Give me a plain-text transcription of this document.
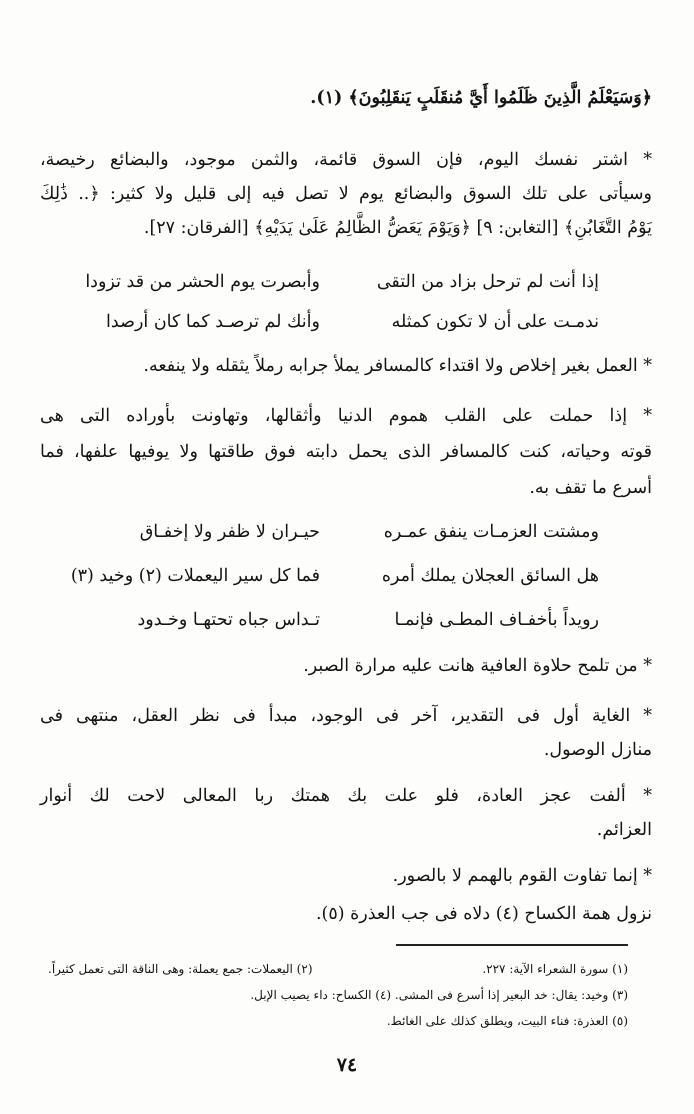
﴿وَسَيَعْلَمُ الَّذِينَ ظَلَمُوا أَيَّ مُنقَلَبٍ يَنقَلِبُونَ﴾ (١).
* اشتر نفسك اليوم، فإن السوق قائمة، والثمن موجود، والبضائع رخيصة،
وسيأتى على تلك السوق والبضائع يوم لا تصل فيه إلى قليل ولا كثير: ﴿.. ذَٰلِكَ
يَوْمُ التَّغَابُنِ﴾ [التغابن: ٩] ﴿وَيَوْمَ يَعَضُّ الظَّالِمُ عَلَىٰ يَدَيْهِ﴾ [الفرقان: ٢٧].
إذا أنت لم ترحل بزاد من التقى
وأبصرت يوم الحشر من قد تزودا
ندمـت على أن لا تكون كمثله
وأنك لم ترصـد كما كان أرصدا
* العمل بغير إخلاص ولا اقتداء كالمسافر يملأ جرابه رملاً يثقله ولا ينفعه.
* إذا حملت على القلب هموم الدنيا وأثقالها، وتهاونت بأوراده التى هى
قوته وحياته، كنت كالمسافر الذى يحمل دابته فوق طاقتها ولا يوفيها علفها، فما
أسرع ما تقف به.
ومشتت العزمـات ينفق عمـره
حيـران لا ظفر ولا إخفـاق
هل السائق العجلان يملك أمره
فما كل سير اليعملات (٢) وخيد (٣)
رويداً بأخفـاف المطـى فإنمـا
تـداس جباه تحتهـا وخـدود
* من تلمح حلاوة العافية هانت عليه مرارة الصبر.
* الغاية أول فى التقدير، آخر فى الوجود، مبدأ فى نظر العقل، منتهى فى
منازل الوصول.
* ألفت عجز العادة، فلو علت بك همتك ربا المعالى لاحت لك أنوار
العزائم.
* إنما تفاوت القوم بالهمم لا بالصور.
نزول همة الكساح (٤) دلاه فى جب العذرة (٥).
(١) سورة الشعراء الآية: ٢٢٧.
(٢) اليعملات: جمع يعملة: وهى الناقة التى تعمل كثيراً.
(٣) وخيد: يقال: خد البعير إذا أسرع فى المشى. (٤) الكساح: داء يصيب الإبل.
(٥) العذرة: فناء البيت، ويطلق كذلك على الغائط.
٧٤
